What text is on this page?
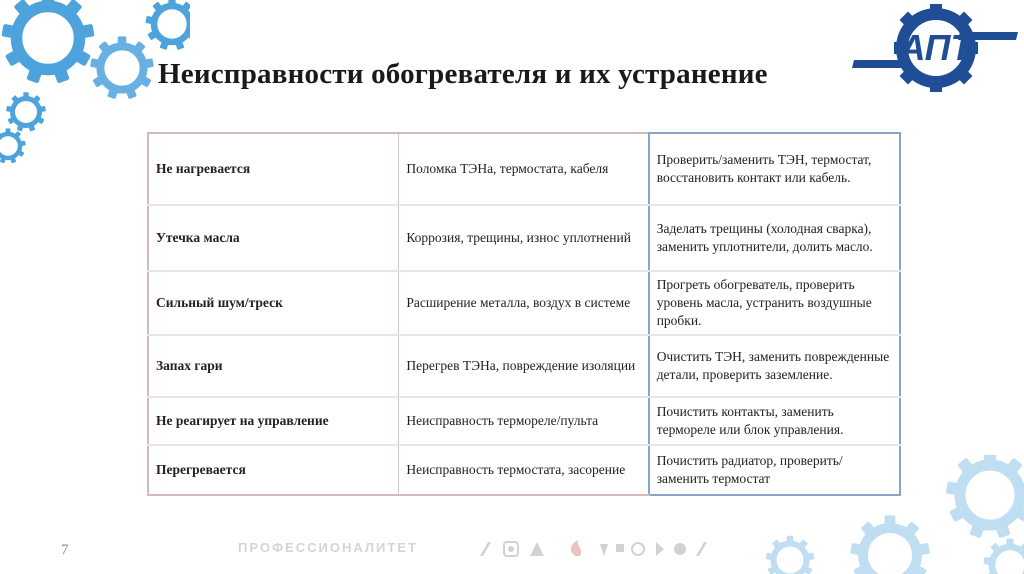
АПТ
Неисправности обогревателя и их устранение
Не нагревается	Поломка ТЭНа, термостата, кабеля	Проверить/заменить ТЭН, термостат, восстановить контакт или кабель.
Утечка масла	Коррозия, трещины, износ уплотнений	Заделать трещины (холодная сварка), заменить уплотнители, долить масло.
Сильный шум/треск	Расширение металла, воздух в системе	Прогреть обогреватель, проверить уровень масла, устранить воздушные пробки.
Запах гари	Перегрев ТЭНа, повреждение изоляции	Очистить ТЭН, заменить поврежденные детали, проверить заземление.
Не реагирует на управление	Неисправность термореле/пульта	Почистить контакты, заменить термореле или блок управления.
Перегревается	Неисправность термостата, засорение	Почистить радиатор, проверить/заменить термостат
7	ПРОФЕССИОНАЛИТЕТ
